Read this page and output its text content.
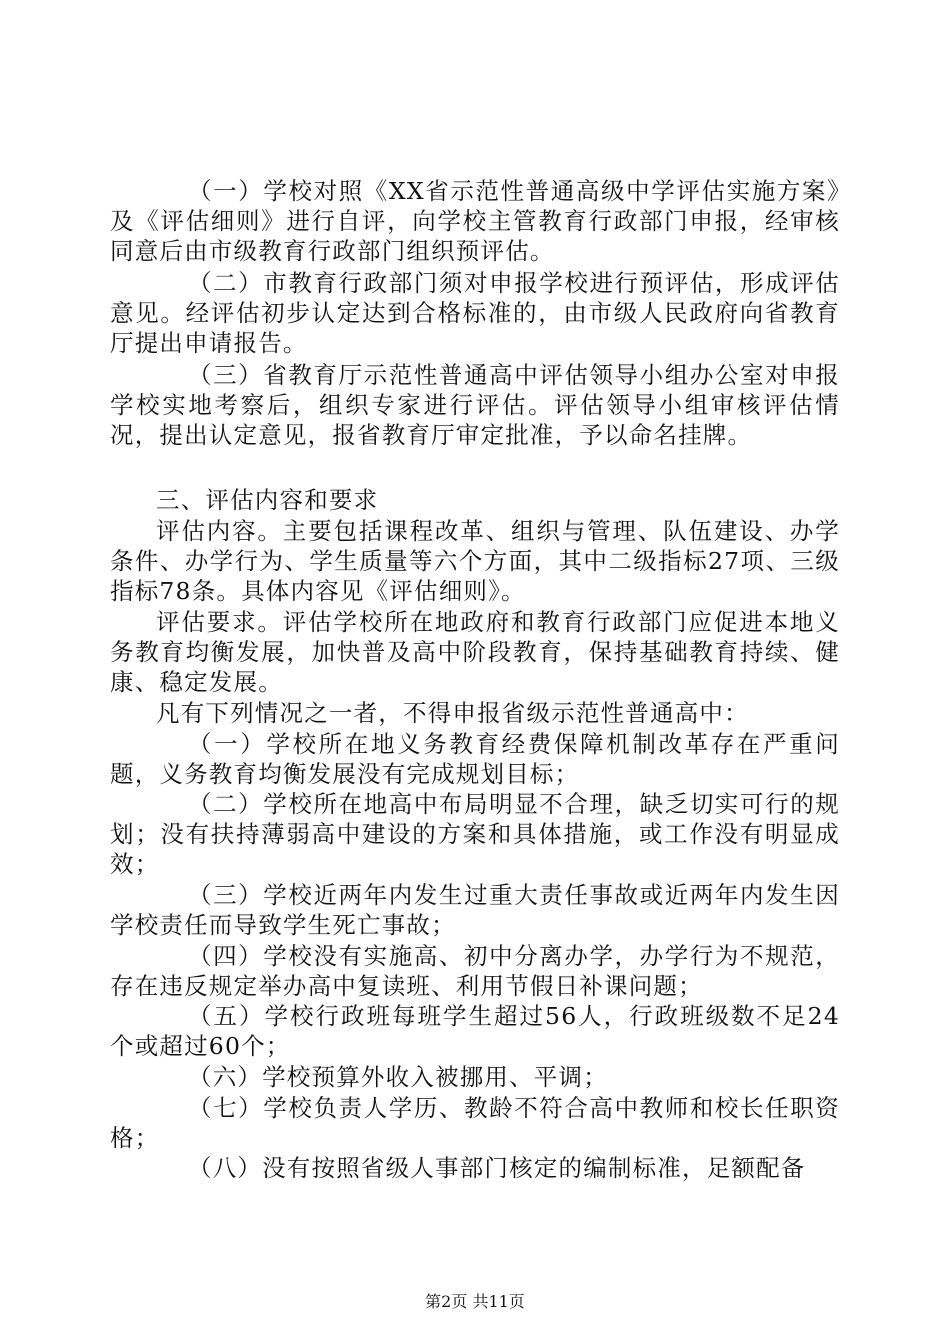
（一）学校对照《XX省示范性普通高级中学评估实施方案》及《评估细则》进行自评，向学校主管教育行政部门申报，经审核同意后由市级教育行政部门组织预评估。

（二）市教育行政部门须对申报学校进行预评估，形成评估意见。经评估初步认定达到合格标准的，由市级人民政府向省教育厅提出申请报告。

（三）省教育厅示范性普通高中评估领导小组办公室对申报学校实地考察后，组织专家进行评估。评估领导小组审核评估情况，提出认定意见，报省教育厅审定批准，予以命名挂牌。

三、评估内容和要求

评估内容。主要包括课程改革、组织与管理、队伍建设、办学条件、办学行为、学生质量等六个方面，其中二级指标27项、三级指标78条。具体内容见《评估细则》。

评估要求。评估学校所在地政府和教育行政部门应促进本地义务教育均衡发展，加快普及高中阶段教育，保持基础教育持续、健康、稳定发展。

凡有下列情况之一者，不得申报省级示范性普通高中：

（一）学校所在地义务教育经费保障机制改革存在严重问题，义务教育均衡发展没有完成规划目标；

（二）学校所在地高中布局明显不合理，缺乏切实可行的规划；没有扶持薄弱高中建设的方案和具体措施，或工作没有明显成效；

（三）学校近两年内发生过重大责任事故或近两年内发生因学校责任而导致学生死亡事故；

（四）学校没有实施高、初中分离办学，办学行为不规范，存在违反规定举办高中复读班、利用节假日补课问题；

（五）学校行政班每班学生超过56人，行政班级数不足24个或超过60个；

（六）学校预算外收入被挪用、平调；

（七）学校负责人学历、教龄不符合高中教师和校长任职资格；

（八）没有按照省级人事部门核定的编制标准，足额配备

第2页 共11页
